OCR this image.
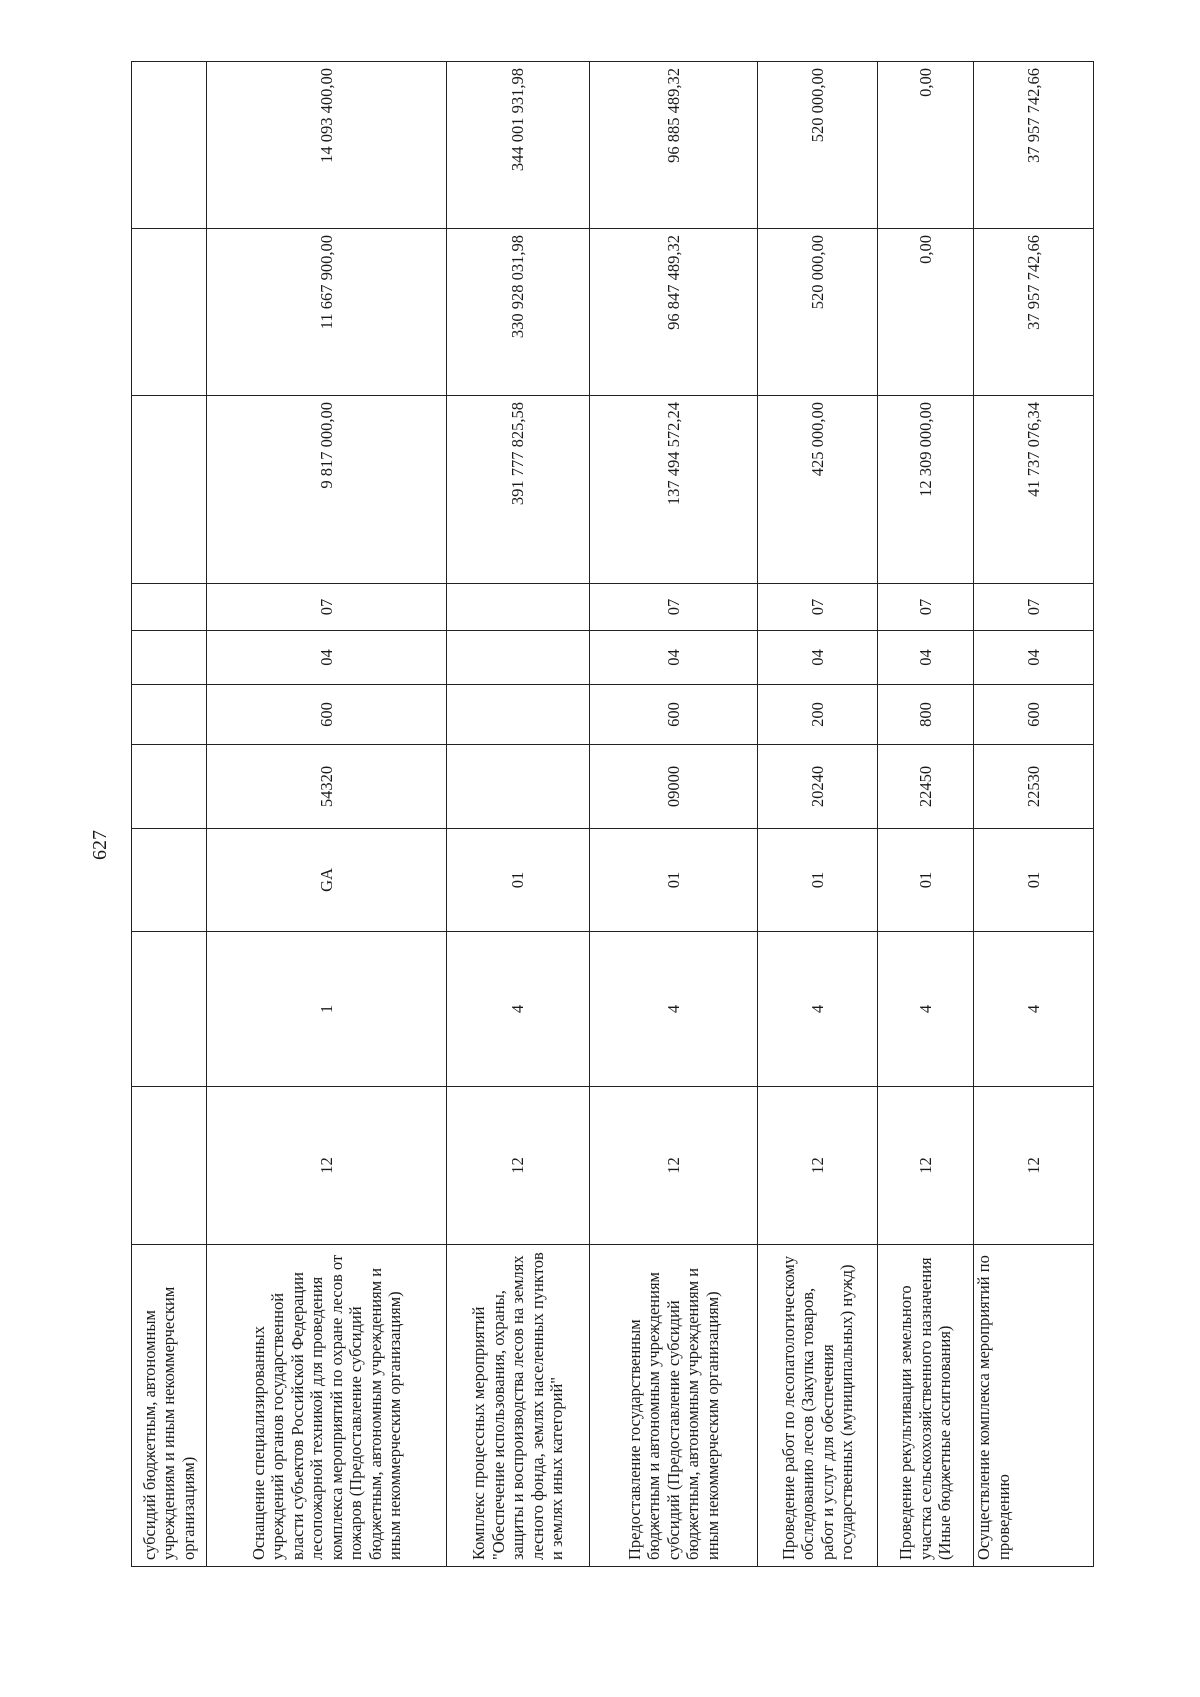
627
субсидий бюджетным, автономным учреждениям и иным некоммерческим организациям)										
Оснащение специализированных учреждений органов государственной власти субъектов Российской Федерации лесопожарной техникой для проведения комплекса мероприятий по охране лесов от пожаров (Предоставление субсидий бюджетным, автономным учреждениям и иным некоммерческим организациям)	12	1	GA	54320	600	04	07	9 817 000,00	11 667 900,00	14 093 400,00
Комплекс процессных мероприятий "Обеспечение использования, охраны, защиты и воспроизводства лесов на землях лесного фонда, землях населенных пунктов и землях иных категорий"	12	4	01					391 777 825,58	330 928 031,98	344 001 931,98
Предоставление государственным бюджетным и автономным учреждениям субсидий (Предоставление субсидий бюджетным, автономным учреждениям и иным некоммерческим организациям)	12	4	01	09000	600	04	07	137 494 572,24	96 847 489,32	96 885 489,32
Проведение работ по лесопатологическому обследованию лесов (Закупка товаров, работ и услуг для обеспечения государственных (муниципальных) нужд)	12	4	01	20240	200	04	07	425 000,00	520 000,00	520 000,00
Проведение рекультивации земельного участка сельскохозяйственного назначения (Иные бюджетные ассигнования)	12	4	01	22450	800	04	07	12 309 000,00	0,00	0,00
Осуществление комплекса мероприятий по проведению	12	4	01	22530	600	04	07	41 737 076,34	37 957 742,66	37 957 742,66
